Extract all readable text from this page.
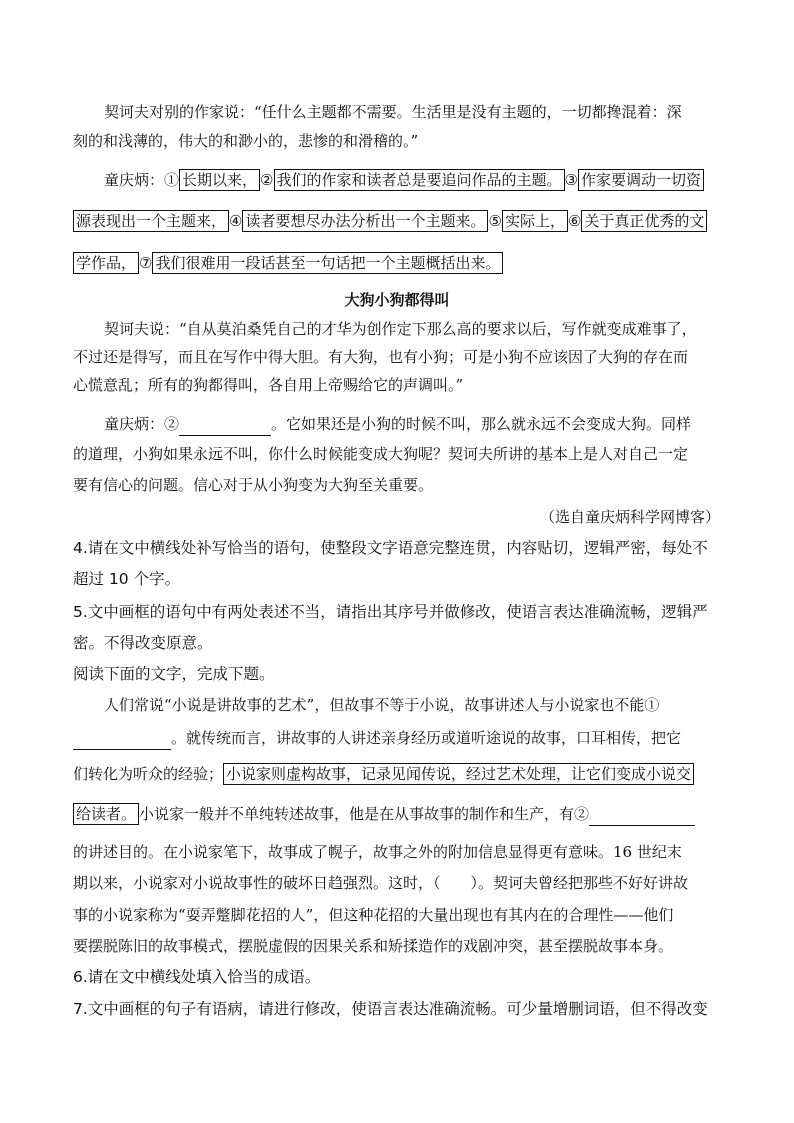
契诃夫对别的作家说：“任什么主题都不需要。生活里是没有主题的，一切都搀混着：深
刻的和浅薄的，伟大的和渺小的，悲惨的和滑稽的。”
童庆炳：① 长期以来， ② 我们的作家和读者总是要追问作品的主题。 ③ 作家要调动一切资
源表现出一个主题来， ④ 读者要想尽办法分析出一个主题来。 ⑤ 实际上， ⑥ 关于真正优秀的文
学作品， ⑦ 我们很难用一段话甚至一句话把一个主题概括出来。
大狗小狗都得叫
契诃夫说：“自从莫泊桑凭自己的才华为创作定下那么高的要求以后，写作就变成难事了，
不过还是得写，而且在写作中得大胆。有大狗，也有小狗；可是小狗不应该因了大狗的存在而
心慌意乱；所有的狗都得叫，各自用上帝赐给它的声调叫。”
童庆炳：②	。它如果还是小狗的时候不叫，那么就永远不会变成大狗。同样
的道理，小狗如果永远不叫，你什么时候能变成大狗呢？契诃夫所讲的基本上是人对自己一定
要有信心的问题。信心对于从小狗变为大狗至关重要。
（选自童庆炳科学网博客）
4.请在文中横线处补写恰当的语句，使整段文字语意完整连贯，内容贴切，逻辑严密，每处不
超过 10 个字。
5.文中画框的语句中有两处表述不当，请指出其序号并做修改，使语言表达准确流畅，逻辑严
密。不得改变原意。
阅读下面的文字，完成下题。
人们常说“小说是讲故事的艺术”，但故事不等于小说，故事讲述人与小说家也不能①
。就传统而言，讲故事的人讲述亲身经历或道听途说的故事，口耳相传，把它
们转化为听众的经验； 小说家则虚构故事，记录见闻传说，经过艺术处理，让它们变成小说交
给读者。 小说家一般并不单纯转述故事，他是在从事故事的制作和生产，有②
的讲述目的。在小说家笔下，故事成了幌子，故事之外的附加信息显得更有意味。16 世纪末
期以来，小说家对小说故事性的破坏日趋强烈。这时，（　　）。契诃夫曾经把那些不好好讲故
事的小说家称为“耍弄蹩脚花招的人”，但这种花招的大量出现也有其内在的合理性——他们
要摆脱陈旧的故事模式，摆脱虚假的因果关系和矫揉造作的戏剧冲突，甚至摆脱故事本身。
6.请在文中横线处填入恰当的成语。
7.文中画框的句子有语病，请进行修改，使语言表达准确流畅。可少量增删词语，但不得改变
